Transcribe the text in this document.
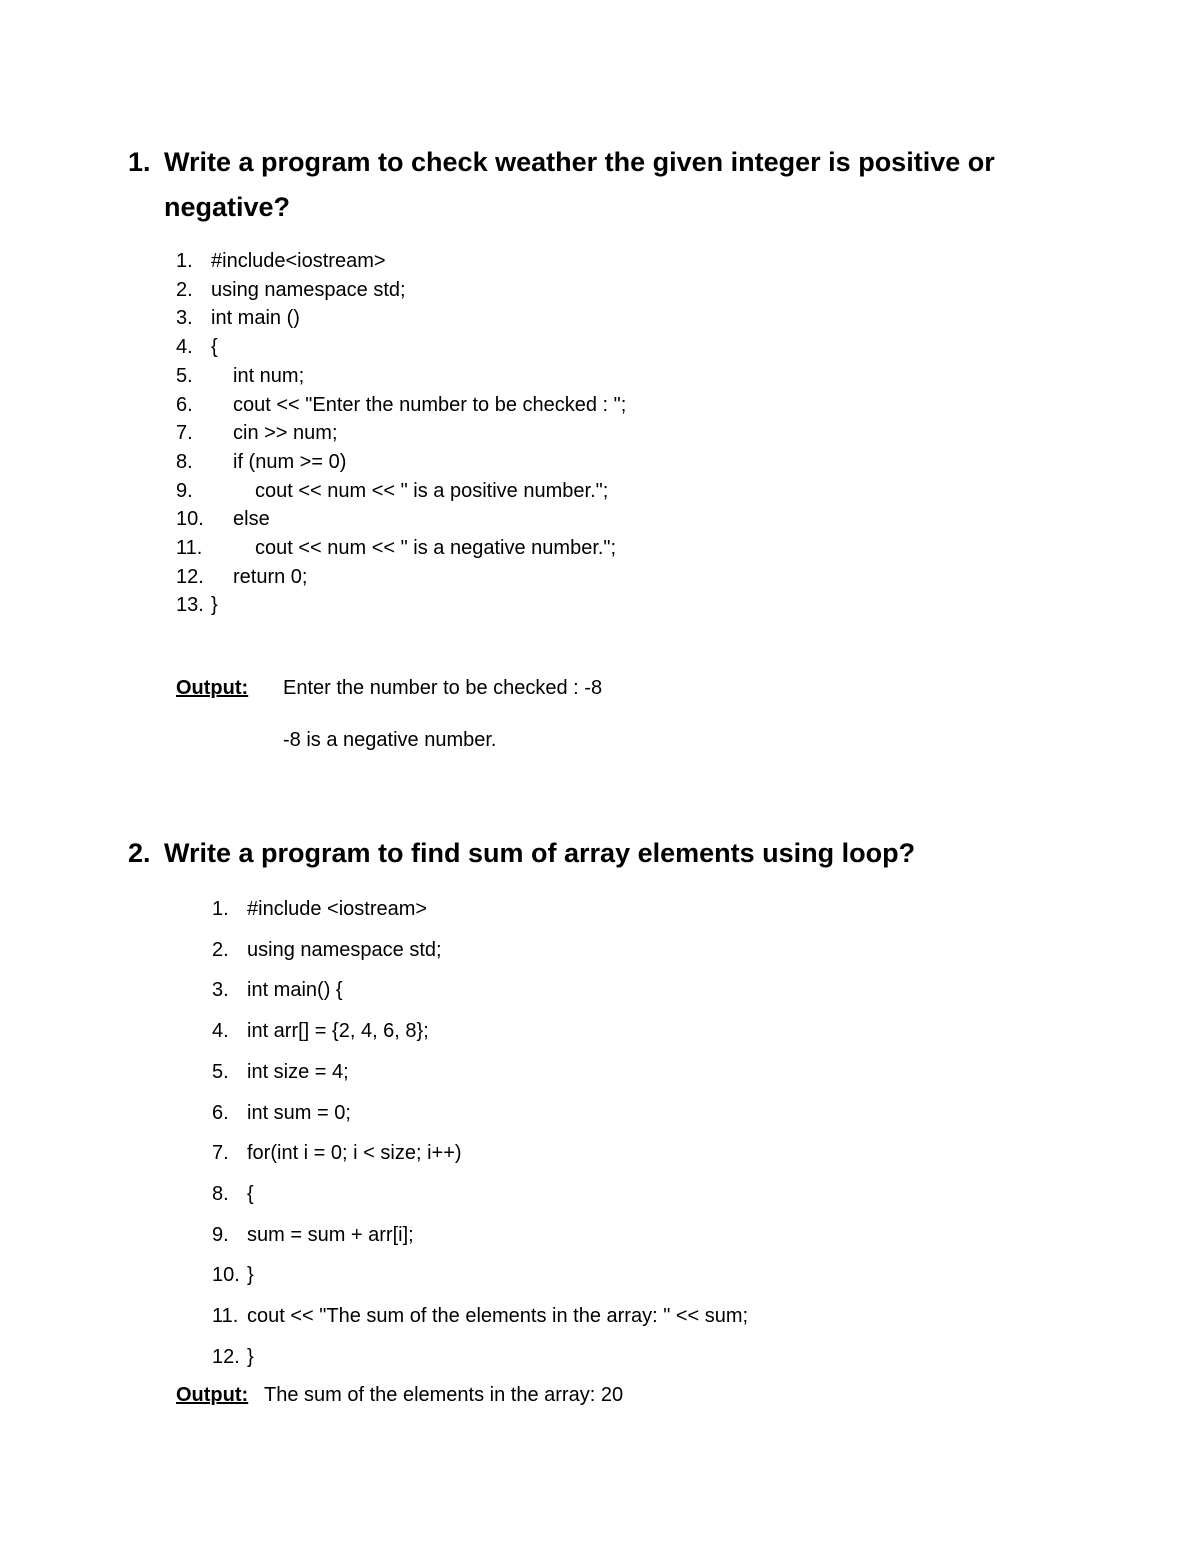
1. Write a program to check weather the given integer is positive or negative?
1. #include<iostream>
2. using namespace std;
3. int main ()
4. {
5. int num;
6. cout << "Enter the number to be checked : ";
7. cin >> num;
8. if (num >= 0)
9.	cout << num << " is a positive number.";
10. else
11.	cout << num << " is a negative number.";
12. return 0;
13. }
Output: Enter the number to be checked : -8
-8 is a negative number.
2. Write a program to find sum of array elements using loop?
1. #include <iostream>
2. using namespace std;
3. int main() {
4. int arr[] = {2, 4, 6, 8};
5. int size = 4;
6. int sum = 0;
7. for(int i = 0; i < size; i++)
8. {
9. sum = sum + arr[i];
10. }
11. cout << "The sum of the elements in the array: " << sum;
12. }
Output: The sum of the elements in the array: 20
